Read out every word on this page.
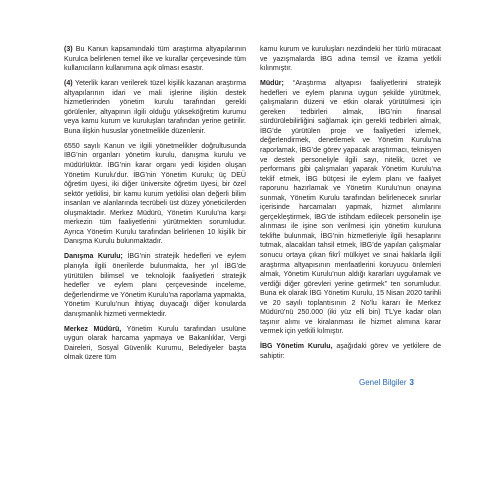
(3) Bu Kanun kapsamındaki tüm araştırma altyapılarının Kurulca belirlenen temel ilke ve kurallar çerçevesinde tüm kullanıcıların kullanımına açık olması esastır.

(4) Yeterlik kararı verilerek tüzel kişilik kazanan araştırma altyapılarının idari ve mali işlerine ilişkin destek hizmetlerinden yönetim kurulu tarafından gerekli görülenler, altyapının ilgili olduğu yükseköğretim kurumu veya kamu kurum ve kuruluşları tarafından yerine getirilir. Buna ilişkin hususlar yönetmelikle düzenlenir.

6550 sayılı Kanun ve ilgili yönetmelikler doğrultusunda İBG’nin organları yönetim kurulu, danışma kurulu ve müdürlüktür. İBG’nin karar organı yedi kişiden oluşan Yönetim Kurulu’dur. İBG’nin Yönetim Kurulu; üç DEÜ öğretim üyesi, iki diğer üniversite öğretim üyesi, bir özel sektör yetkilisi, bir kamu kurum yetkilisi olan değerli bilim insanları ve alanlarında tecrübeli üst düzey yöneticilerden oluşmaktadır. Merkez Müdürü, Yönetim Kurulu’na karşı merkezin tüm faaliyetlerini yürütmekten sorumludur. Ayrıca Yönetim Kurulu tarafından belirlenen 10 kişilik bir Danışma Kurulu bulunmaktadır.

Danışma Kurulu; İBG’nin stratejik hedefleri ve eylem planıyla ilgili önerilerde bulunmakta, her yıl İBG’de yürütülen bilimsel ve teknolojik faaliyetleri stratejik hedefler ve eylem planı çerçevesinde inceleme, değerlendirme ve Yönetim Kurulu’na raporlama yapmakta, Yönetim Kurulu’nun ihtiyaç duyacağı diğer konularda danışmanlık hizmeti vermektedir.

Merkez Müdürü, Yönetim Kurulu tarafından usulüne uygun olarak harcama yapmaya ve Bakanlıklar, Vergi Daireleri, Sosyal Güvenlik Kurumu, Belediyeler başta olmak üzere tüm

kamu kurum ve kuruluşları nezdindeki her türlü müracaat ve yazışmalarda İBG adına temsil ve ilzama yetkili kılınmıştır.

Müdür; “Araştırma altyapısı faaliyetlerini stratejik hedefleri ve eylem planına uygun şekilde yürütmek, çalışmaların düzeni ve etkin olarak yürütülmesi için gereken tedbirleri almak, İBG’nin finansal sürdürülebilirliğini sağlamak için gerekli tedbirleri almak, İBG’de yürütülen proje ve faaliyetleri izlemek, değerlendirmek, denetlemek ve Yönetim Kurulu’na raporlamak, İBG’de görev yapacak araştırmacı, teknisyen ve destek personeliyle ilgili sayı, nitelik, ücret ve performans gibi çalışmaları yaparak Yönetim Kurulu’na teklif etmek, İBG bütçesi ile eylem planı ve faaliyet raporunu hazırlamak ve Yönetim Kurulu’nun onayına sunmak, Yönetim Kurulu tarafından belirlenecek sınırlar içerisinde harcamaları yapmak, hizmet alımlarını gerçekleştirmek, İBG’de istihdam edilecek personelin işe alınması ile işine son verilmesi için yönetim kuruluna teklifte bulunmak, İBG’nin hizmetleriyle ilgili hesaplarını tutmak, alacakları tahsil etmek, İBG’de yapılan çalışmalar sonucu ortaya çıkan fikrî mülkiyet ve sınai haklarla ilgili araştırma altyapısının menfaatlerini koruyucu önlemleri almak, Yönetim Kurulu’nun aldığı kararları uygulamak ve verdiği diğer görevleri yerine getirmek” ten sorumludur. Buna ek olarak İBG Yönetim Kurulu, 15 Nisan 2020 tarihli ve 20 sayılı toplantısının 2 No’lu kararı ile Merkez Müdürü’nü 250.000 (iki yüz elli bin) TL’ye kadar olan taşınır alımı ve kiralanması ile hizmet alımına karar vermek için yetkili kılmıştır.

İBG Yönetim Kurulu, aşağıdaki görev ve yetkilere de sahiptir:

Genel Bilgiler 3
